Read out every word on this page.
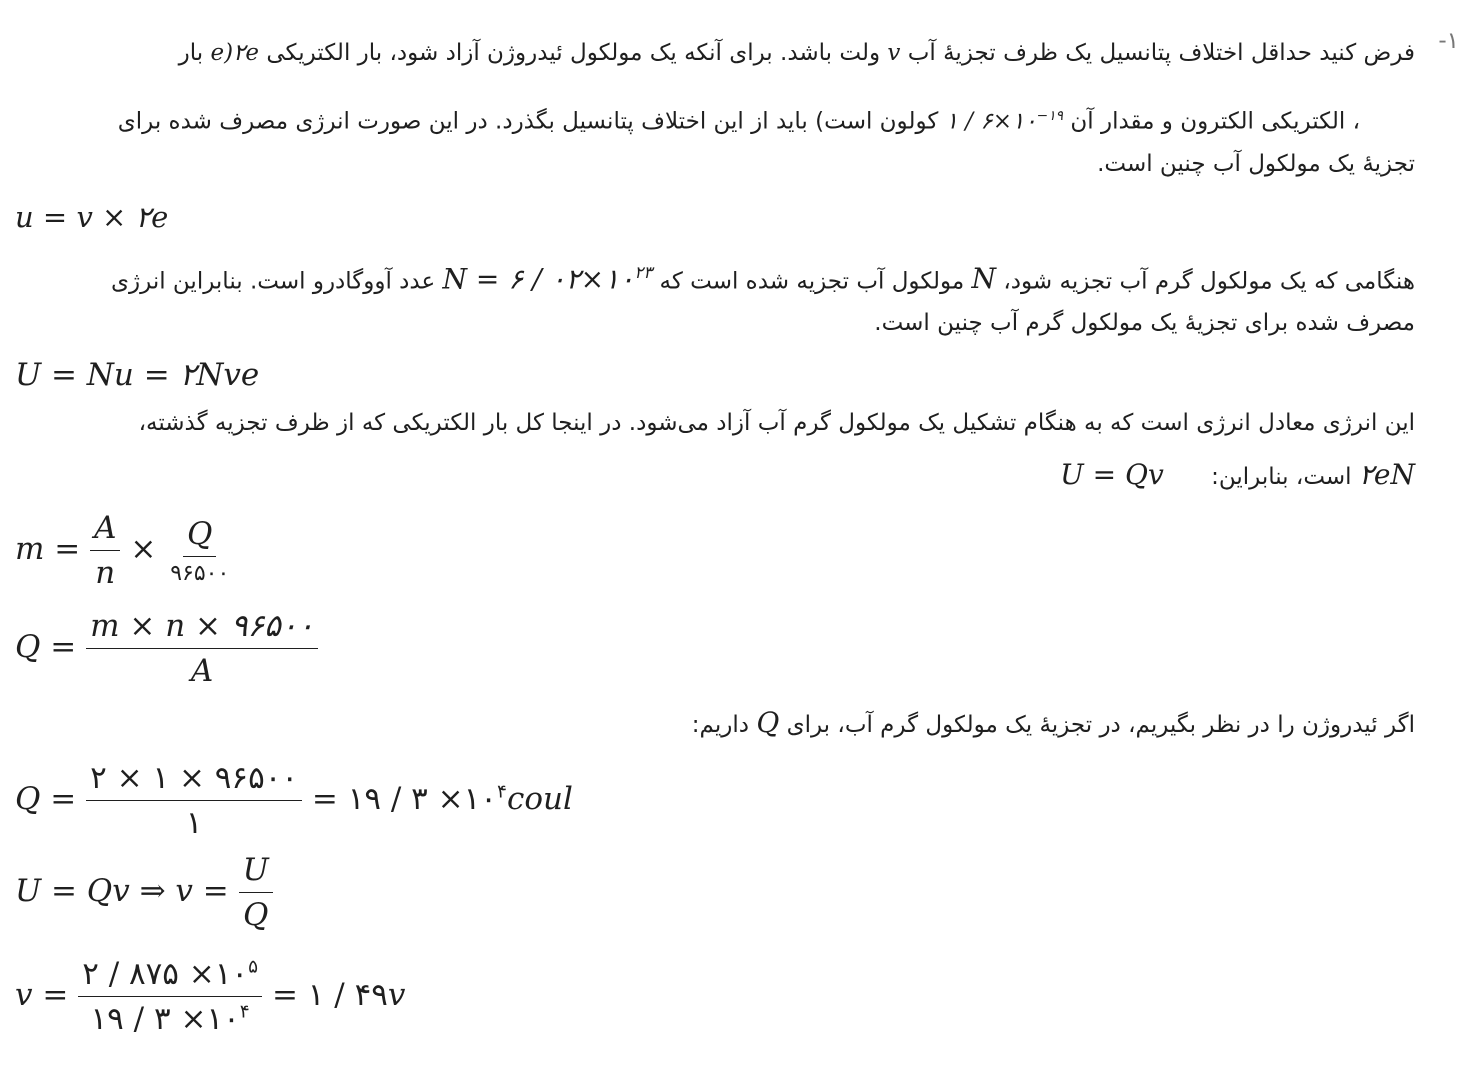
-۱
فرض کنید حداقل اختلاف پتانسیل یک ظرف تجزیهٔ آب v ولت باشد. برای آنکه یک مولکول ئیدروژن آزاد شود، بار الکتریکی e)۲e بار
، الکتریکی الکترون و مقدار آن ۱ / $۶\times ۱۰^{-۱۹}$ کولون است) باید از این اختلاف پتانسیل بگذرد. در این صورت انرژی مصرف شده برای
تجزیهٔ یک مولکول آب چنین است.
u = v × ۲e
هنگامی که یک مولکول گرم آب تجزیه شود، N مولکول آب تجزیه شده است که N = ۶ / $۰۲\times ۱۰^{۲۳}$ عدد آووگادرو است. بنابراین انرژی
مصرف شده برای تجزیهٔ یک مولکول گرم آب چنین است.
U = Nu = ۲Nve
این انرژی معادل انرژی است که به هنگام تشکیل یک مولکول گرم آب آزاد می‌شود. در اینجا کل بار الکتریکی که از ظرف تجزیه گذشته،
۲eN است، بنابراین: U = Qv
$m = \frac{A}{n} \times \frac{Q}{۹۶۵۰۰}$
$Q = \frac{m \times n \times ۹۶۵۰۰}{A}$
اگر ئیدروژن را در نظر بگیریم، در تجزیهٔ یک مولکول گرم آب، برای Q داریم:
$Q = \frac{۲ \times ۱ \times ۹۶۵۰۰}{۱}$ = ۱۹ / ۳ $\times ۱۰^۴coul$
U = Qv ⇒ $v = \frac{U}{Q}$
$v = \frac{۲ / ۸۷۵ \times ۱۰^۵}{۱۹ / ۳ \times ۱۰^۴}$ = ۱ / ۴۹v
